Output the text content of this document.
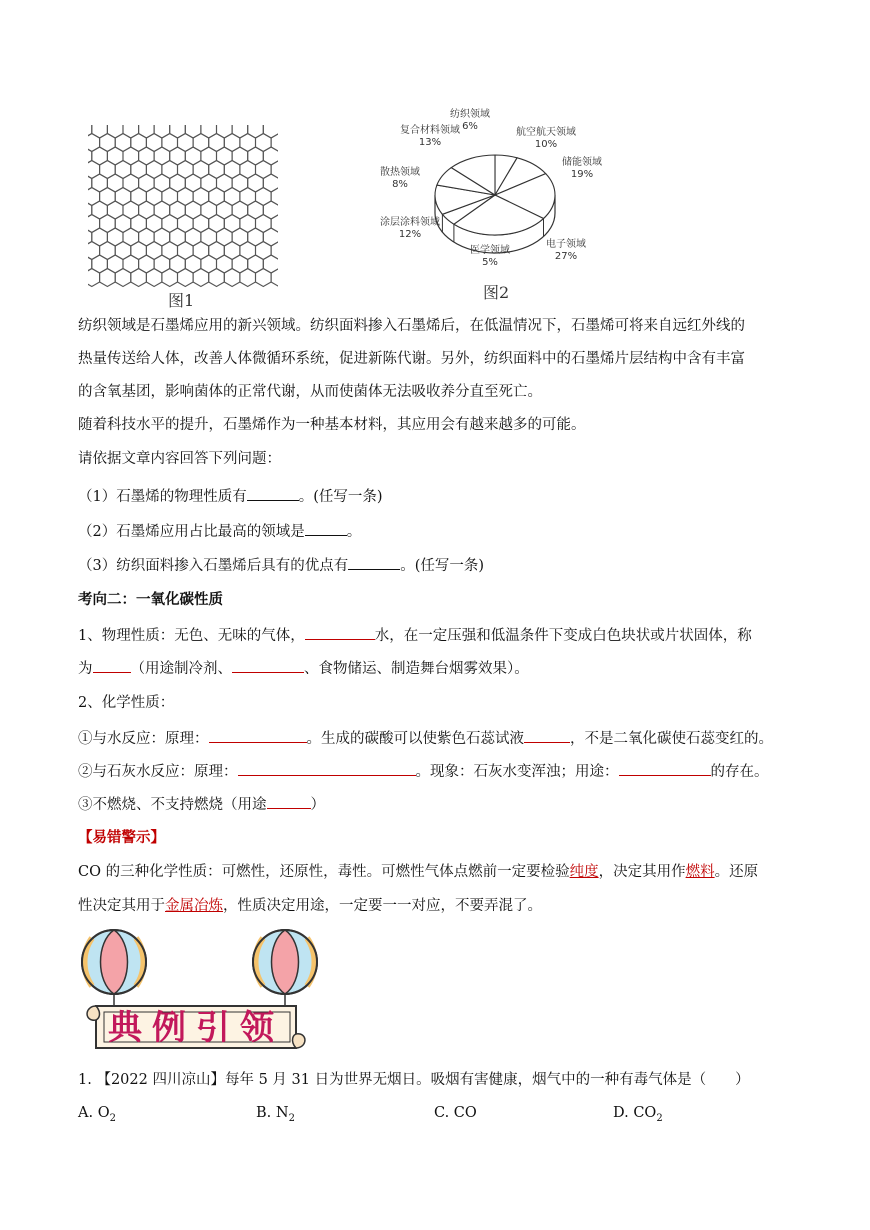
图1
纺织领域
6%
航空航天领域
10%
储能领域
19%
电子领域
27%
医学领域
5%
涂层涂料领域
12%
散热领域
8%
复合材料领域
13%
图2
纺织领域是石墨烯应用的新兴领域。纺织面料掺入石墨烯后，在低温情况下，石墨烯可将来自远红外线的
热量传送给人体，改善人体微循环系统，促进新陈代谢。另外，纺织面料中的石墨烯片层结构中含有丰富
的含氧基团，影响菌体的正常代谢，从而使菌体无法吸收养分直至死亡。
随着科技水平的提升，石墨烯作为一种基本材料，其应用会有越来越多的可能。
请依据文章内容回答下列问题：
（1）石墨烯的物理性质有	。(任写一条)
（2）石墨烯应用占比最高的领域是	。
（3）纺织面料掺入石墨烯后具有的优点有	。(任写一条)
考向二：一氧化碳性质
1、物理性质：无色、无味的气体，	水，在一定压强和低温条件下变成白色块状或片状固体，称
为	（用途制冷剂、	、食物储运、制造舞台烟雾效果）。
2、化学性质：
①与水反应：原理：	。生成的碳酸可以使紫色石蕊试液	，不是二氧化碳使石蕊变红的。
②与石灰水反应：原理：	。现象：石灰水变浑浊；用途：	的存在。
③不燃烧、不支持燃烧（用途	）
【易错警示】
CO 的三种化学性质：可燃性，还原性，毒性。可燃性气体点燃前一定要检验纯度，决定其用作燃料。还原
性决定其用于金属冶炼，性质决定用途，一定要一一对应，不要弄混了。
典例引领
1. 【2022 四川凉山】每年 5 月 31 日为世界无烟日。吸烟有害健康，烟气中的一种有毒气体是（　　）
A. $O_2$	B. $N_2$	C. CO	D. $CO_2$
